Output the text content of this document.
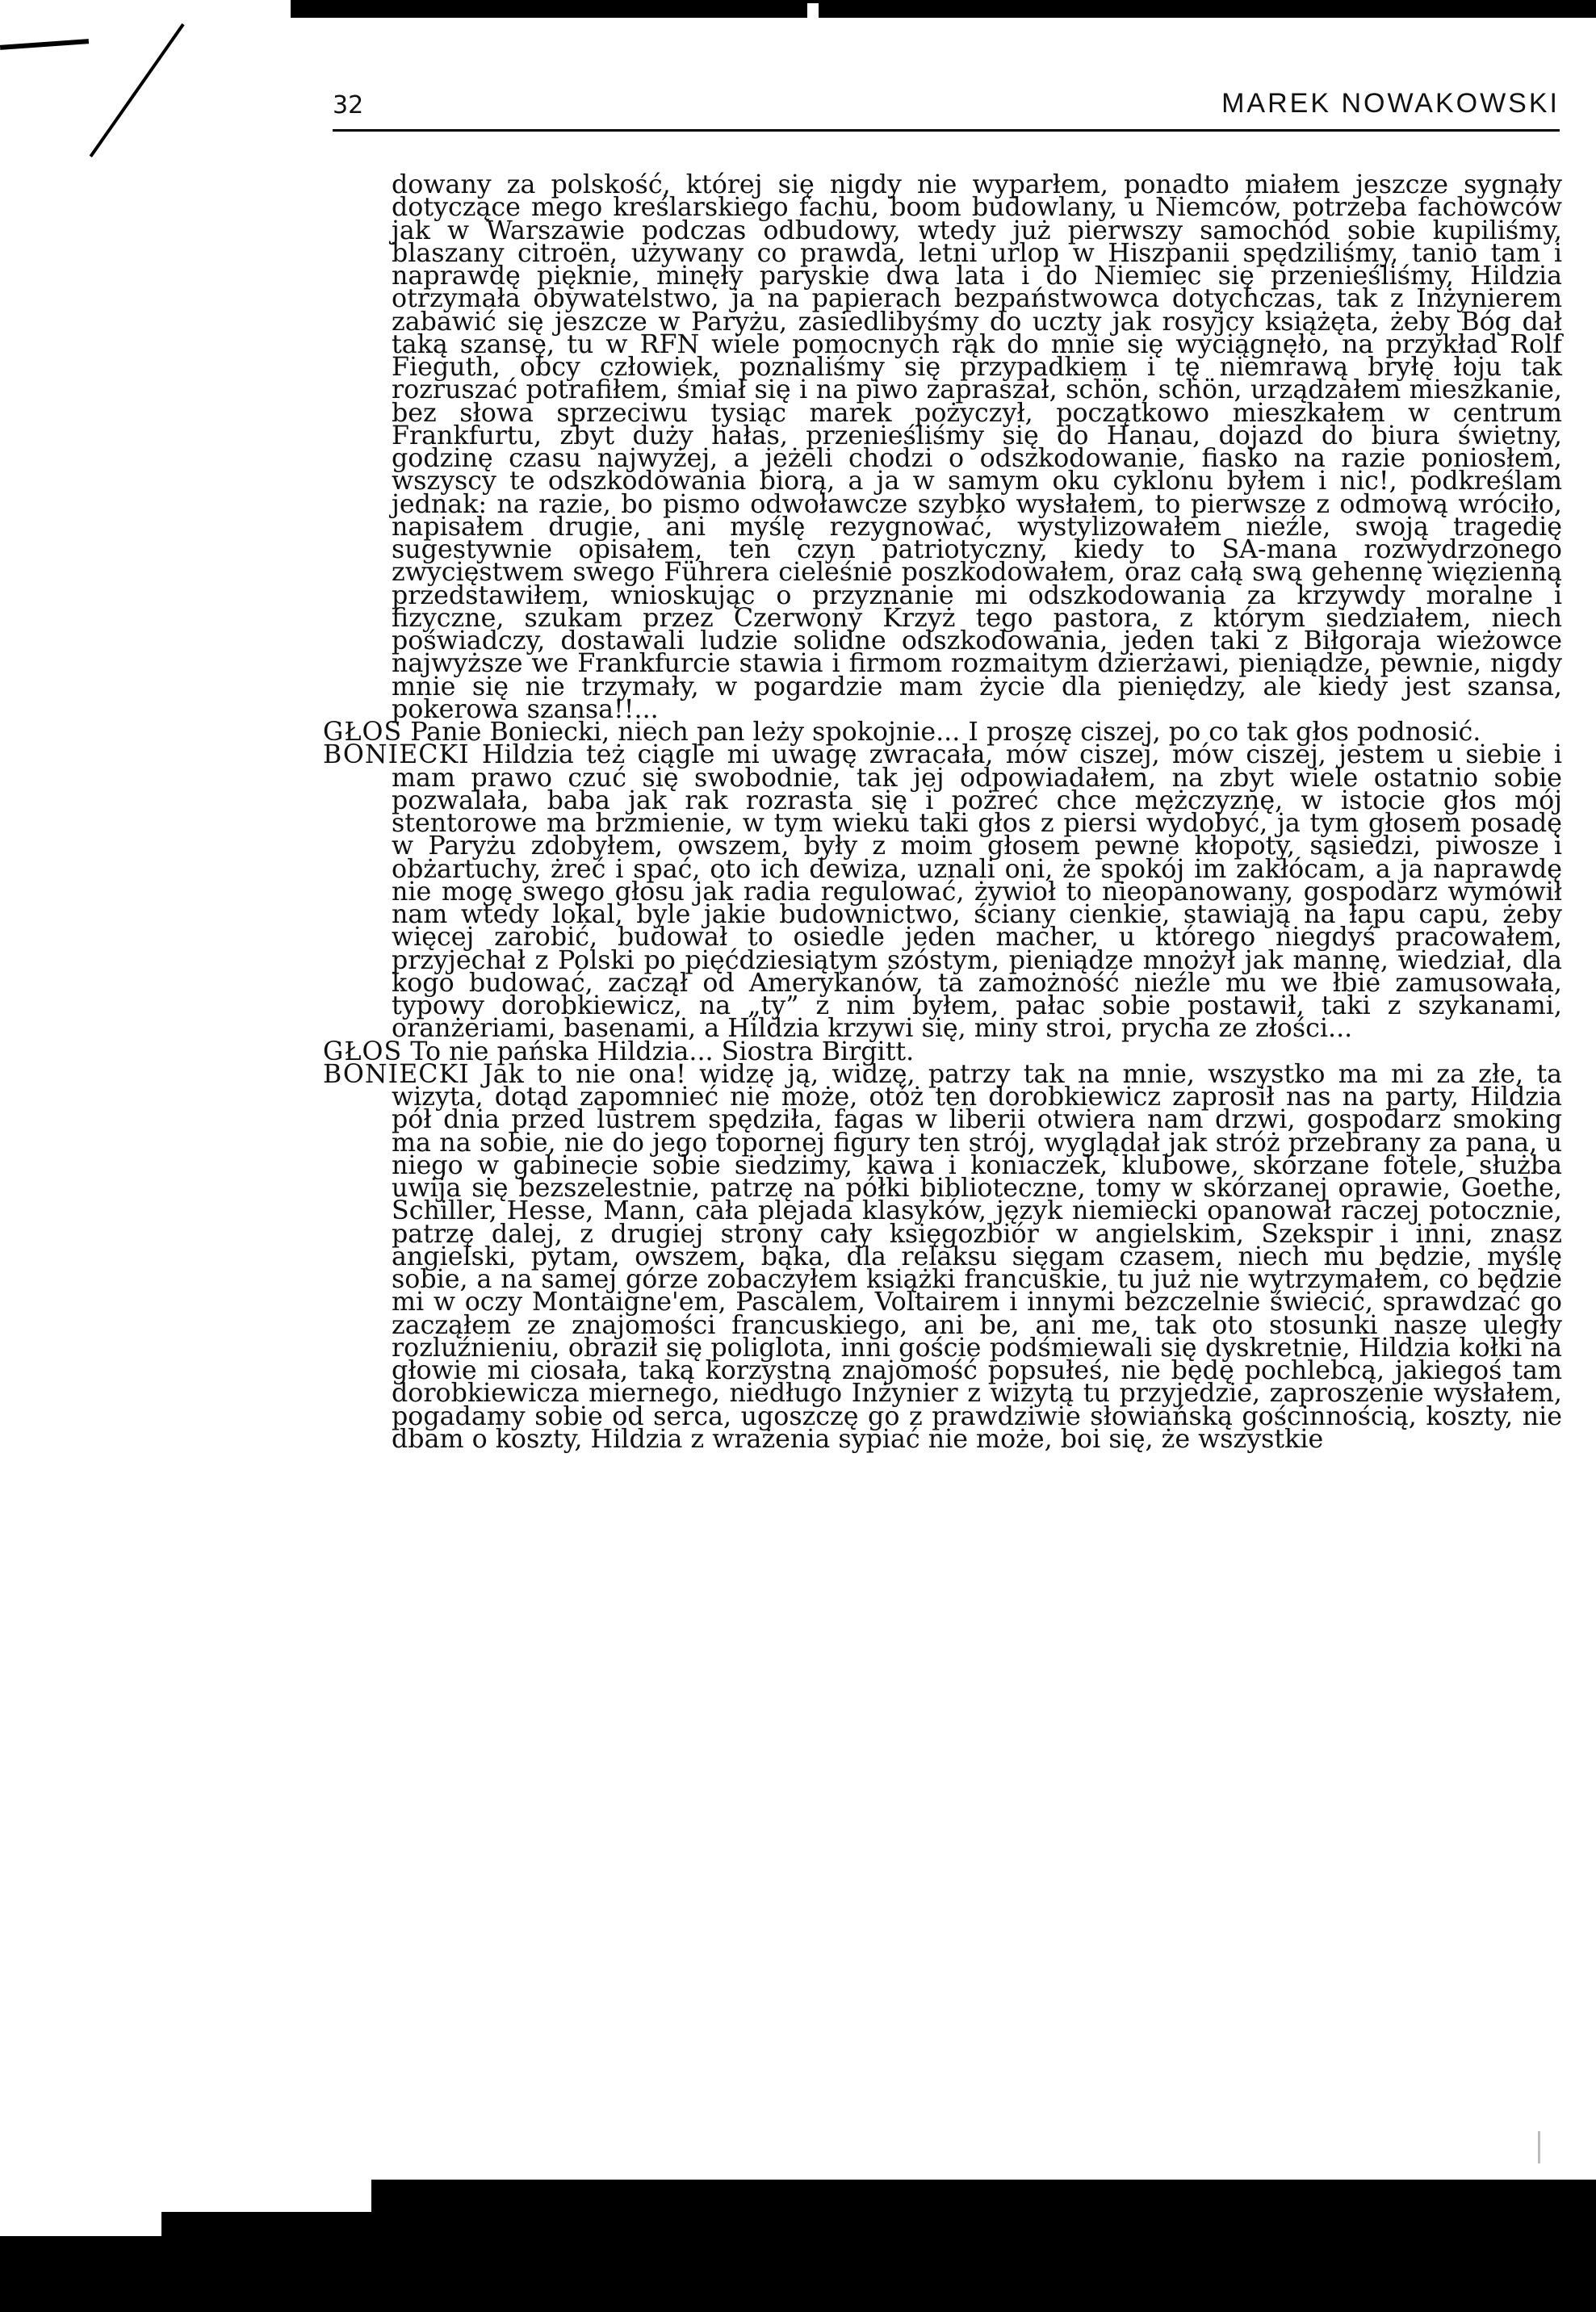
32	MAREK NOWAKOWSKI

dowany za polskość, której się nigdy nie wyparłem, ponadto miałem jeszcze sygnały dotyczące mego kreślarskiego fachu, boom budowlany, u Niemców, potrzeba fachowców jak w Warszawie podczas odbudowy, wtedy już pierwszy samochód sobie kupiliśmy, blaszany citroën, używany co prawda, letni urlop w Hiszpanii spędziliśmy, tanio tam i naprawdę pięknie, minęły paryskie dwa lata i do Niemiec się przenieśliśmy, Hildzia otrzymała obywatelstwo, ja na papierach bezpaństwowca dotychczas, tak z Inżynierem zabawić się jeszcze w Paryżu, zasiedlibyśmy do uczty jak rosyjcy książęta, żeby Bóg dał taką szansę, tu w RFN wiele pomocnych rąk do mnie się wyciągnęło, na przykład Rolf Fieguth, obcy człowiek, poznaliśmy się przypadkiem i tę niemrawą bryłę łoju tak rozruszać potrafiłem, śmiał się i na piwo zapraszał, schön, schön, urządzałem mieszkanie, bez słowa sprzeciwu tysiąc marek pożyczył, początkowo mieszkałem w centrum Frankfurtu, zbyt duży hałas, przenieśliśmy się do Hanau, dojazd do biura świetny, godzinę czasu najwyżej, a jeżeli chodzi o odszkodowanie, fiasko na razie poniosłem, wszyscy te odszkodowania biorą, a ja w samym oku cyklonu byłem i nic!, podkreślam jednak: na razie, bo pismo odwoławcze szybko wysłałem, to pierwsze z odmową wróciło, napisałem drugie, ani myślę rezygnować, wystylizowałem nieźle, swoją tragedię sugestywnie opisałem, ten czyn patriotyczny, kiedy to SA-mana rozwydrzonego zwycięstwem swego Führera cieleśnie poszkodowałem, oraz całą swą gehennę więzienną przedstawiłem, wnioskując o przyznanie mi odszkodowania za krzywdy moralne i fizyczne, szukam przez Czerwony Krzyż tego pastora, z którym siedziałem, niech poświadczy, dostawali ludzie solidne odszkodowania, jeden taki z Biłgoraja wieżowce najwyższe we Frankfurcie stawia i firmom rozmaitym dzierżawi, pieniądze, pewnie, nigdy mnie się nie trzymały, w pogardzie mam życie dla pieniędzy, ale kiedy jest szansa, pokerowa szansa!!...

GŁOS Panie Boniecki, niech pan leży spokojnie... I proszę ciszej, po co tak głos podnosić.

BONIECKI Hildzia też ciągle mi uwagę zwracała, mów ciszej, mów ciszej, jestem u siebie i mam prawo czuć się swobodnie, tak jej odpowiadałem, na zbyt wiele ostatnio sobie pozwalała, baba jak rak rozrasta się i pożreć chce mężczyznę, w istocie głos mój stentorowe ma brzmienie, w tym wieku taki głos z piersi wydobyć, ja tym głosem posadę w Paryżu zdobyłem, owszem, były z moim głosem pewne kłopoty, sąsiedzi, piwosze i obżartuchy, żreć i spać, oto ich dewiza, uznali oni, że spokój im zakłócam, a ja naprawdę nie mogę swego głosu jak radia regulować, żywioł to nieopanowany, gospodarz wymówił nam wtedy lokal, byle jakie budownictwo, ściany cienkie, stawiają na łapu capu, żeby więcej zarobić, budował to osiedle jeden macher, u którego niegdyś pracowałem, przyjechał z Polski po pięćdziesiątym szóstym, pieniądze mnożył jak mannę, wiedział, dla kogo budować, zaczął od Amerykanów, ta zamożność nieźle mu we łbie zamusowała, typowy dorobkiewicz, na „ty” z nim byłem, pałac sobie postawił, taki z szykanami, oranżeriami, basenami, a Hildzia krzywi się, miny stroi, prycha ze złości...

GŁOS To nie pańska Hildzia... Siostra Birgitt.

BONIECKI Jak to nie ona! widzę ją, widzę, patrzy tak na mnie, wszystko ma mi za złe, ta wizyta, dotąd zapomnieć nie może, otóż ten dorobkiewicz zaprosił nas na party, Hildzia pół dnia przed lustrem spędziła, fagas w liberii otwiera nam drzwi, gospodarz smoking ma na sobie, nie do jego topornej figury ten strój, wyglądał jak stróż przebrany za pana, u niego w gabinecie sobie siedzimy, kawa i koniaczek, klubowe, skórzane fotele, służba uwija się bezszelestnie, patrzę na półki biblioteczne, tomy w skórzanej oprawie, Goethe, Schiller, Hesse, Mann, cała plejada klasyków, język niemiecki opanował raczej potocznie, patrzę dalej, z drugiej strony cały księgozbiór w angielskim, Szekspir i inni, znasz angielski, pytam, owszem, bąka, dla relaksu sięgam czasem, niech mu będzie, myślę sobie, a na samej górze zobaczyłem książki francuskie, tu już nie wytrzymałem, co będzie mi w oczy Montaigne'em, Pascalem, Voltairem i innymi bezczelnie świecić, sprawdzać go zacząłem ze znajomości francuskiego, ani be, ani me, tak oto stosunki nasze uległy rozluźnieniu, obraził się poliglota, inni goście podśmiewali się dyskretnie, Hildzia kołki na głowie mi ciosała, taką korzystną znajomość popsułeś, nie będę pochlebcą, jakiegoś tam dorobkiewicza miernego, niedługo Inżynier z wizytą tu przyjedzie, zaproszenie wysłałem, pogadamy sobie od serca, ugoszczę go z prawdziwie słowiańską gościnnością, koszty, nie dbam o koszty, Hildzia z wrażenia sypiać nie może, boi się, że wszystkie
